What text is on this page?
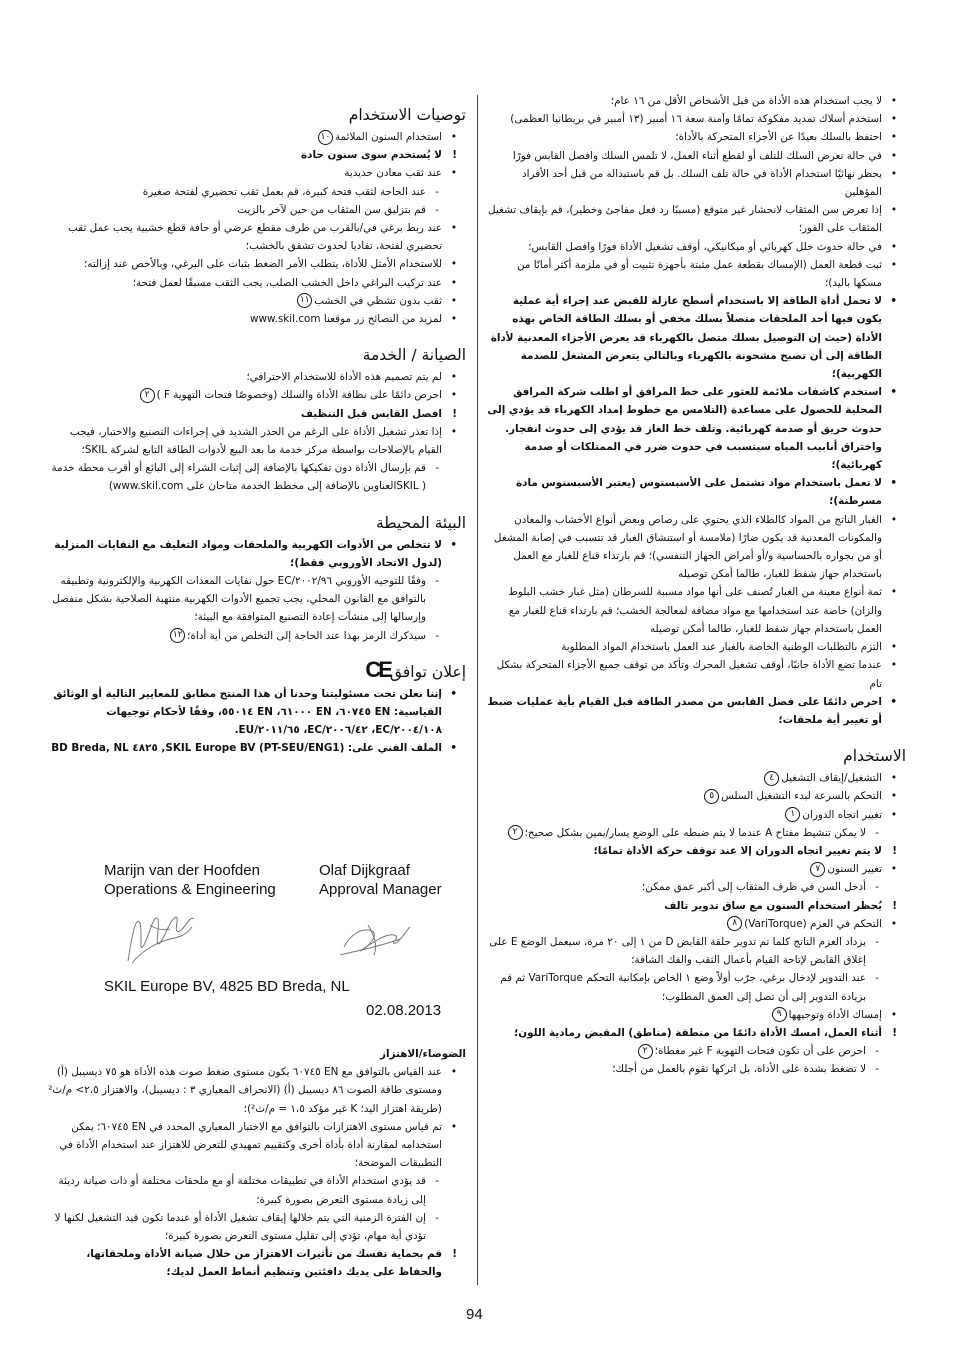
• لا يجب استخدام هذه الأداة من قبل الأشخاص الأقل من ١٦ عام؛
• استخدم أسلاك تمديد مفكوكة تمامًا وآمنة سعة ١٦ أمبير (١٣ أمبير في بريطانيا العظمى)
• احتفظ بالسلك بعيدًا عن الأجزاء المتحركة بالأداة؛
• في حالة تعرض السلك للتلف أو لقطع أثناء العمل، لا تلمس السلك وافصل القابس فورًا
• يحظر نهائيًا استخدام الأداة في حالة تلف السلك. بل قم باستبداله من قبل أحد الأفراد المؤهلين
• إذا تعرض سن المثقاب لانحشار غير متوقع (مسببًا رد فعل مفاجئ وخطير)، قم بإيقاف تشغيل المثقاب على الفور؛
• في حالة حدوث خلل كهربائي أو ميكانيكي، أوقف تشغيل الأداة فورًا وافصل القابس؛
• ثبت قطعة العمل (الإمساك بقطعة عمل مثبتة بأجهزة تثبيت أو في ملزمة أكثر أمانًا من مسكها باليد)؛
• لا تحمل أداة الطاقة إلا باستخدام أسطح عازلة للقبض عند إجراء أية عملية يكون فيها أحد الملحقات متصلاً بسلك مخفي أو بسلك الطاقة الخاص بهذه الأداة (حيث إن التوصيل بسلك متصل بالكهرباء قد يعرض الأجزاء المعدنية لأداة الطاقة إلى أن تصبح مشحونة بالكهرباء وبالتالي يتعرض المشغل للصدمة الكهربية)؛
• استخدم كاشفات ملائمة للعثور على خط المرافق أو اطلب شركة المرافق المحلية للحصول على مساعدة (التلامس مع خطوط إمداد الكهرباء قد يؤدي إلى حدوث حريق أو صدمة كهربائية. وتلف خط الغاز قد يؤدي إلى حدوث انفجار. واختراق أنابيب المياه سيتسبب في حدوث ضرر في الممتلكات أو صدمة كهربائية)؛
• لا تعمل باستخدام مواد تشتمل على الأسبستوس (يعتبر الأسبستوس مادة مسرطنة)؛
• الغبار الناتج من المواد كالطلاء الذي يحتوي على رصاص وبعض أنواع الأخشاب والمعادن والمكونات المعدنية قد يكون ضارًا (ملامسة أو استنشاق الغبار قد تتسبب في إصابة المشغل أو من بجواره بالحساسية و/أو أمراض الجهاز التنفسي)؛ قم بارتداء قناع للغبار مع العمل باستخدام جهاز شفط للغبار، طالما أمكن توصيله
• ثمة أنواع معينة من الغبار تُصنف على أنها مواد مسببة للسرطان (مثل غبار خشب البلوط والزان) خاصة عند استخدامها مع مواد مضافة لمعالجة الخشب؛ قم بارتداء قناع للغبار مع العمل باستخدام جهاز شفط للغبار، طالما أمكن توصيله
• التزم بالتطلبات الوطنية الخاصة بالغبار عند العمل باستخدام المواد المطلوبة
• عندما تضع الأداة جانبًا، أوقف تشغيل المحرك وتأكد من توقف جميع الأجزاء المتحركة بشكل تام
• احرص دائمًا على فصل القابس من مصدر الطاقة قبل القيام بأية عمليات ضبط أو تغيير أية ملحقات؛
الاستخدام
• التشغيل/إيقاف التشغيل٤
• التحكم بالسرعة لبدء التشغيل السلس٥
• تغيير اتجاه الدوران١
- لا يمكن تنشيط مفتاح A عندما لا يتم ضبطه على الوضع يسار/يمين بشكل صحيح؛٢
! لا يتم تغيير اتجاه الدوران إلا عند توقف حركة الأداة تمامًا؛
• تغيير السنون٧
- أدخل السن في ظرف المثقاب إلى أكبر عمق ممكن؛
! يُحظر استخدام السنون مع ساق تدوير تالف
• التحكم في العزم (VariTorque)٨
- يزداد العزم الناتج كلما تم تدوير حلقة القابض D من ١ إلى ٢٠ مرة، سيعمل الوضع E على إغلاق القابض لإتاحة القيام بأعمال الثقب والفك الشاقة؛
- عند التدوير لإدخال برغي، جرّب أولاً وضع ١ الخاص بإمكانية التحكم VariTorque ثم قم بزيادة التدوير إلى أن تصل إلى العمق المطلوب؛
• إمساك الأداة وتوجيهها٩
! أثناء العمل، امسك الأداة دائمًا من منطقة (مناطق) المقبض رمادية اللون؛
- احرص على أن تكون فتحات التهوية F غير مغطاة؛٢
- لا تضغط بشدة على الأداة، بل اتركها تقوم بالعمل من أجلك؛
توصيات الاستخدام
• استخدام السنون الملائمة١٠
! لا يُستخدم سوى سنون حادة
• عند ثقب معادن حديدية
- عند الحاجة لثقب فتحة كبيرة، قم بعمل ثقب تحضيري لفتحة صغيرة
- قم بتزليق سن المثقاب من حين لآخر بالزيت
• عند ربط برغي في/بالقرب من طرف مقطع عرضي أو حافة قطع خشبية يجب عمل ثقب تحضيري لفتحة، تفاديا لحدوث تشقق بالخشب؛
• للاستخدام الأمثل للأداة، يتطلب الأمر الضغط بثبات على البرغي، وبالأخص عند إزالته؛
• عند تركيب البراغي داخل الخشب الصلب، يجب الثقب مسبقًا لعمل فتحة؛
• ثقب بدون تشظي في الخشب١١
• لمزيد من النصائح زر موقعنا www.skil.com
الصيانة / الخدمة
• لم يتم تصميم هذه الأداة للاستخدام الاحترافي؛
• احرص دائمًا على نظافة الأداة والسلك (وخصوصًا فتحات التهوية F )٢
! افصل القابس قبل التنظيف
• إذا تعذر تشغيل الأداة على الرغم من الحذر الشديد في إجراءات التصنيع والاختبار، فيجب القيام بالإصلاحات بواسطة مركز خدمة ما بعد البيع لأدوات الطاقة التابع لشركة SKIL؛
- قم بإرسال الأداة دون تفكيكها بالإضافة إلى إثبات الشراء إلى البائع أو أقرب محطة خدمة ( SKILالعناوين بالإضافة إلى مخطط الخدمة متاحان على www.skil.com)
البيئة المحيطة
• لا تتخلص من الأدوات الكهربية والملحقات ومواد التغليف مع النفايات المنزلية (لدول الاتحاد الأوروبي فقط)؛
- وفقًا للتوجيه الأوروبي ٢٠٠٢/٩٦/EC حول نفايات المعدات الكهربية والإلكترونية وتطبيقه بالتوافق مع القانون المحلي، يجب تجميع الأدوات الكهربية منتهية الصلاحية بشكل منفصل وإرسالها إلى منشآت إعادة التصنيع المتوافقة مع البيئة؛
- سيذكرك الرمز بهذا عند الحاجة إلى التخلص من أية أداة؛١٢
إعلان توافقCE
• إننا نعلن تحت مسئوليتنا وحدنا أن هذا المنتج مطابق للمعايير التالية أو الوثائق القياسية: EN ٦٠٧٤٥، EN ٦١٠٠٠، EN ٥٥٠١٤، وفقًا لأحكام توجيهات ٢٠٠٤/١٠٨/EC، ٢٠٠٦/٤٢/EC، ٢٠١١/٦٥/EU.
• الملف الفني على: SKIL Europe BV (PT-SEU/ENG1), ٤٨٢٥ BD Breda, NL
Marijn van der Hoofden
Operations & Engineering
Olaf Dijkgraaf
Approval Manager
SKIL Europe BV, 4825 BD Breda, NL
02.08.2013
الضوضاء/الاهتزاز
• عند القياس بالتوافق مع EN ٦٠٧٤٥ يكون مستوى ضغط صوت هذه الأداة هو ٧٥ ديسيبل (أ) ومستوى طاقة الصوت ٨٦ ديسيبل (أ) (الانحراف المعياري ٣ : ديسيبل)، والاهتزاز ٢،٥> م/ث² (طريقة اهتزاز اليد؛ K غير مؤكد ١،٥ = م/ث²)؛
• تم قياس مستوى الاهتزازات بالتوافق مع الاختبار المعياري المحدد في EN ٦٠٧٤٥؛ يمكن استخدامه لمقارنة أداة بأداة أخرى وكتقييم تمهيدي للتعرض للاهتزاز عند استخدام الأداة في التطبيقات الموضحة؛
- قد يؤدي استخدام الأداة في تطبيقات مختلفة أو مع ملحقات مختلفة أو ذات صيانة رديئة إلى زيادة مستوى التعرض بصورة كبيرة؛
- إن الفترة الزمنية التي يتم خلالها إيقاف تشغيل الأداة أو عندما تكون قيد التشغيل لكنها لا تؤدي أية مهام، تؤدي إلى تقليل مستوى التعرض بصورة كبيرة؛
! قم بحماية نفسك من تأثيرات الاهتزاز من خلال صيانة الأداة وملحقاتها، والحفاظ على يديك دافئتين وتنظيم أنماط العمل لديك؛
94
